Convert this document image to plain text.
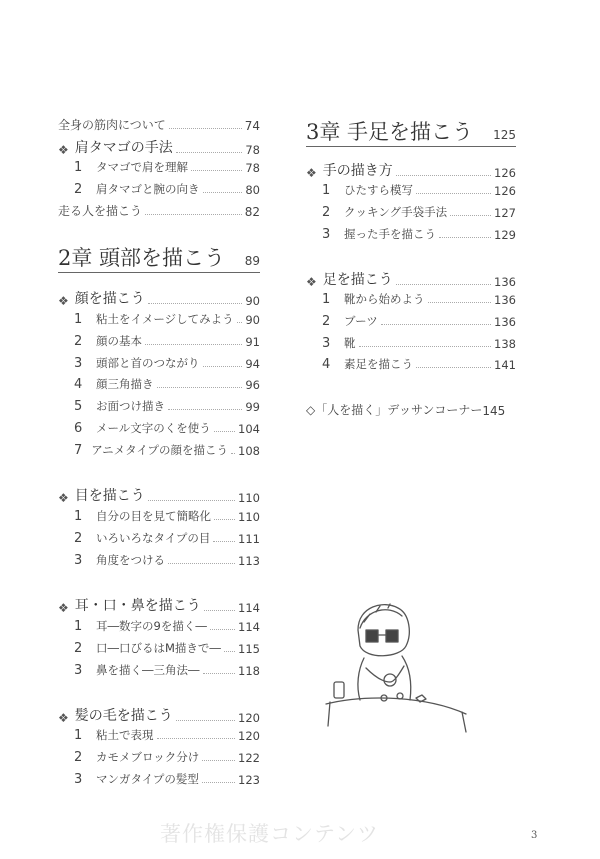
全身の筋肉について	74
❖ 肩タマゴの手法	78
1	タマゴで肩を理解	78
2	肩タマゴと腕の向き	80
走る人を描こう	82
2章 頭部を描こう 89
❖ 顔を描こう	90
1	粘土をイメージしてみよう 90
2	顔の基本	91
3	頭部と首のつながり	94
4	顔三角描き	96
5	お面つけ描き	99
6	メール文字のくを使う 104
7 アニメタイプの顔を描こう 108
❖ 目を描こう	110
1	自分の目を見て簡略化 110
2	いろいろなタイプの目 111
3	角度をつける	113
❖ 耳・口・鼻を描こう	114
1	耳―数字の9を描く―	114
2	口―口びるはM描きで― 115
3	鼻を描く―三角法―	118
❖ 髪の毛を描こう	120
1	粘土で表現	120
2	カモメブロック分け	122
3	マンガタイプの髪型	123
3章 手足を描こう 125
❖ 手の描き方	126
1	ひたすら模写	126
2	クッキング手袋手法	127
3	握った手を描こう	129
❖ 足を描こう	136
1	靴から始めよう	136
2	ブーツ	136
3	靴	138
4	素足を描こう	141
◇「人を描く」デッサンコーナー 145
著作権保護コンテンツ	3
